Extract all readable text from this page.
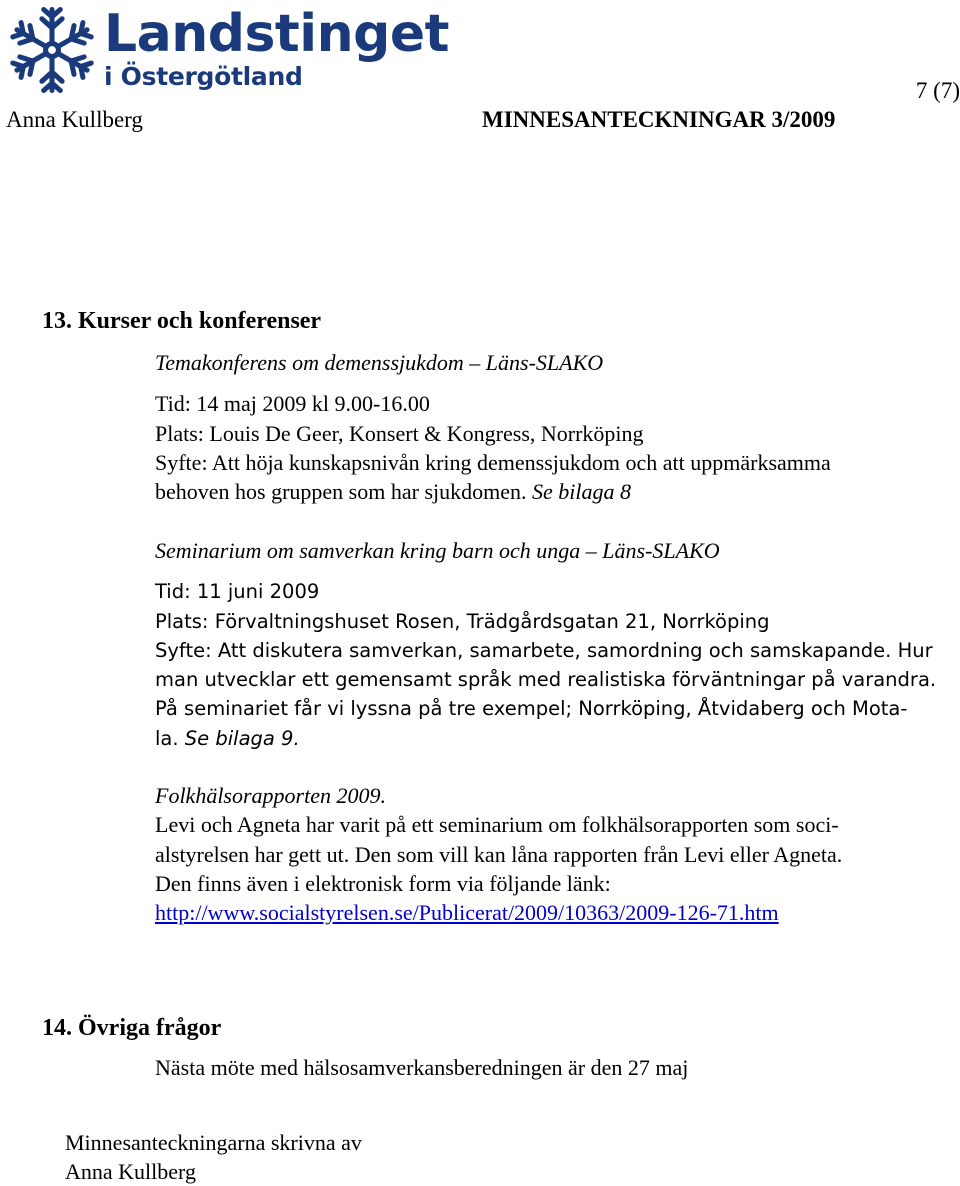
Landstinget
i Östergötland	7 (7)
Anna Kullberg	MINNESANTECKNINGAR 3/2009
13. Kurser och konferenser

Temakonferens om demenssjukdom – Läns-SLAKO

Tid: 14 maj 2009 kl 9.00-16.00

Plats: Louis De Geer, Konsert & Kongress, Norrköping

Syfte: Att höja kunskapsnivån kring demenssjukdom och att uppmärksamma

behoven hos gruppen som har sjukdomen. Se bilaga 8

Seminarium om samverkan kring barn och unga – Läns-SLAKO

Tid: 11 juni 2009

Plats: Förvaltningshuset Rosen, Trädgårdsgatan 21, Norrköping

Syfte: Att diskutera samverkan, samarbete, samordning och samskapande. Hur

man utvecklar ett gemensamt språk med realistiska förväntningar på varandra.

På seminariet får vi lyssna på tre exempel; Norrköping, Åtvidaberg och Mota-

la. Se bilaga 9.

Folkhälsorapporten 2009.

Levi och Agneta har varit på ett seminarium om folkhälsorapporten som soci-

alstyrelsen har gett ut. Den som vill kan låna rapporten från Levi eller Agneta.

Den finns även i elektronisk form via följande länk:

http://www.socialstyrelsen.se/Publicerat/2009/10363/2009-126-71.htm

14. Övriga frågor

Nästa möte med hälsosamverkansberedningen är den 27 maj

Minnesanteckningarna skrivna av

Anna Kullberg
